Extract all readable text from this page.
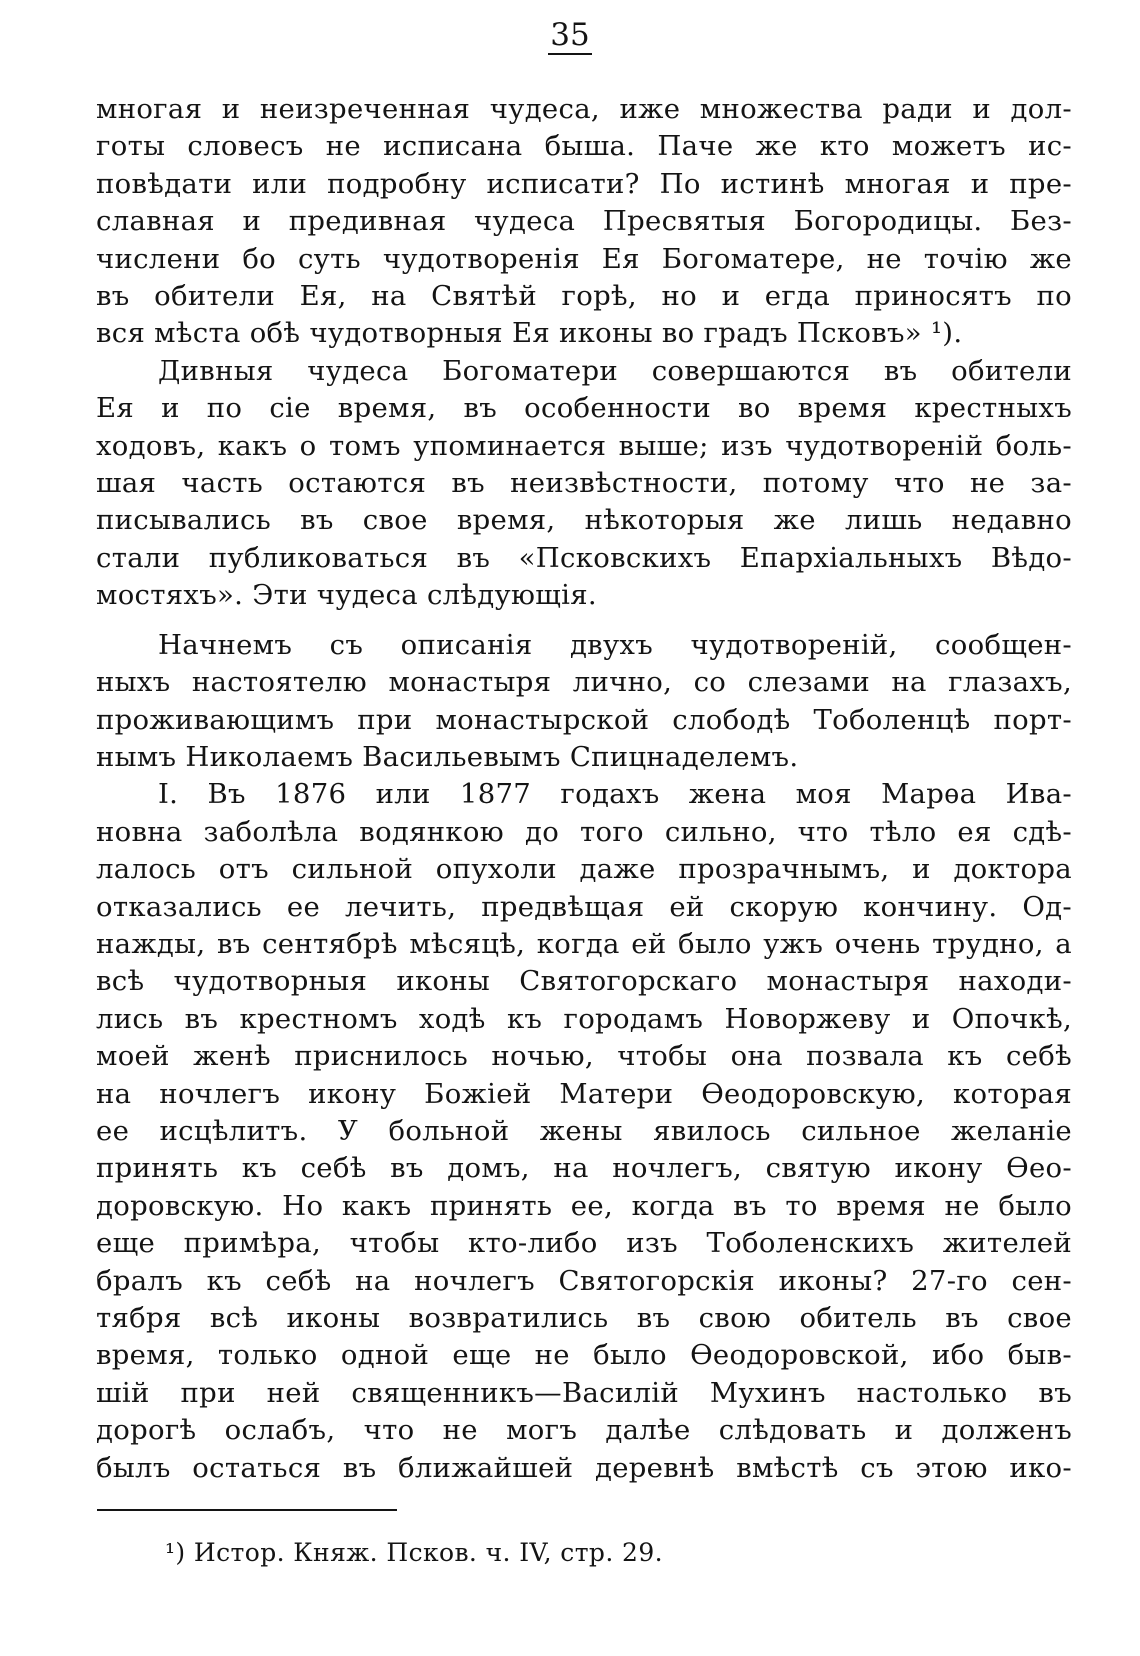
35
многая и неизреченная чудеса, иже множества ради и дол-
готы словесъ не исписана быша. Паче же кто можетъ ис-
повѣдати или подробну исписати? По истинѣ многая и пре-
славная и предивная чудеса Пресвятыя Богородицы. Без-
числени бо суть чудотворенія Ея Богоматере, не точію же
въ обители Ея, на Святѣй горѣ, но и егда приносятъ по
вся мѣста обѣ чудотворныя Ея иконы во градъ Псковъ» ¹).
Дивныя чудеса Богоматери совершаются въ обители
Ея и по сіе время, въ особенности во время крестныхъ
ходовъ, какъ о томъ упоминается выше; изъ чудотвореній боль-
шая часть остаются въ неизвѣстности, потому что не за-
писывались въ свое время, нѣкоторыя же лишь недавно
стали публиковаться въ «Псковскихъ Епархіальныхъ Вѣдо-
мостяхъ». Эти чудеса слѣдующія.
Начнемъ съ описанія двухъ чудотвореній, сообщен-
ныхъ настоятелю монастыря лично, со слезами на глазахъ,
проживающимъ при монастырской слободѣ Тоболенцѣ порт-
нымъ Николаемъ Васильевымъ Спицнаделемъ.
I. Въ 1876 или 1877 годахъ жена моя Марѳа Ива-
новна заболѣла водянкою до того сильно, что тѣло ея сдѣ-
лалось отъ сильной опухоли даже прозрачнымъ, и доктора
отказались ее лечить, предвѣщая ей скорую кончину. Од-
нажды, въ сентябрѣ мѣсяцѣ, когда ей было ужъ очень трудно, а
всѣ чудотворныя иконы Святогорскаго монастыря находи-
лись въ крестномъ ходѣ къ городамъ Новоржеву и Опочкѣ,
моей женѣ приснилось ночью, чтобы она позвала къ себѣ
на ночлегъ икону Божіей Матери Ѳеодоровскую, которая
ее исцѣлитъ. У больной жены явилось сильное желаніе
принять къ себѣ въ домъ, на ночлегъ, святую икону Ѳео-
доровскую. Но какъ принять ее, когда въ то время не было
еще примѣра, чтобы кто-либо изъ Тоболенскихъ жителей
бралъ къ себѣ на ночлегъ Святогорскія иконы? 27-го сен-
тября всѣ иконы возвратились въ свою обитель въ свое
время, только одной еще не было Ѳеодоровской, ибо быв-
шій при ней священникъ—Василій Мухинъ настолько въ
дорогѣ ослабъ, что не могъ далѣе слѣдовать и долженъ
былъ остаться въ ближайшей деревнѣ вмѣстѣ съ этою ико-
¹) Истор. Княж. Псков. ч. IV, стр. 29.
